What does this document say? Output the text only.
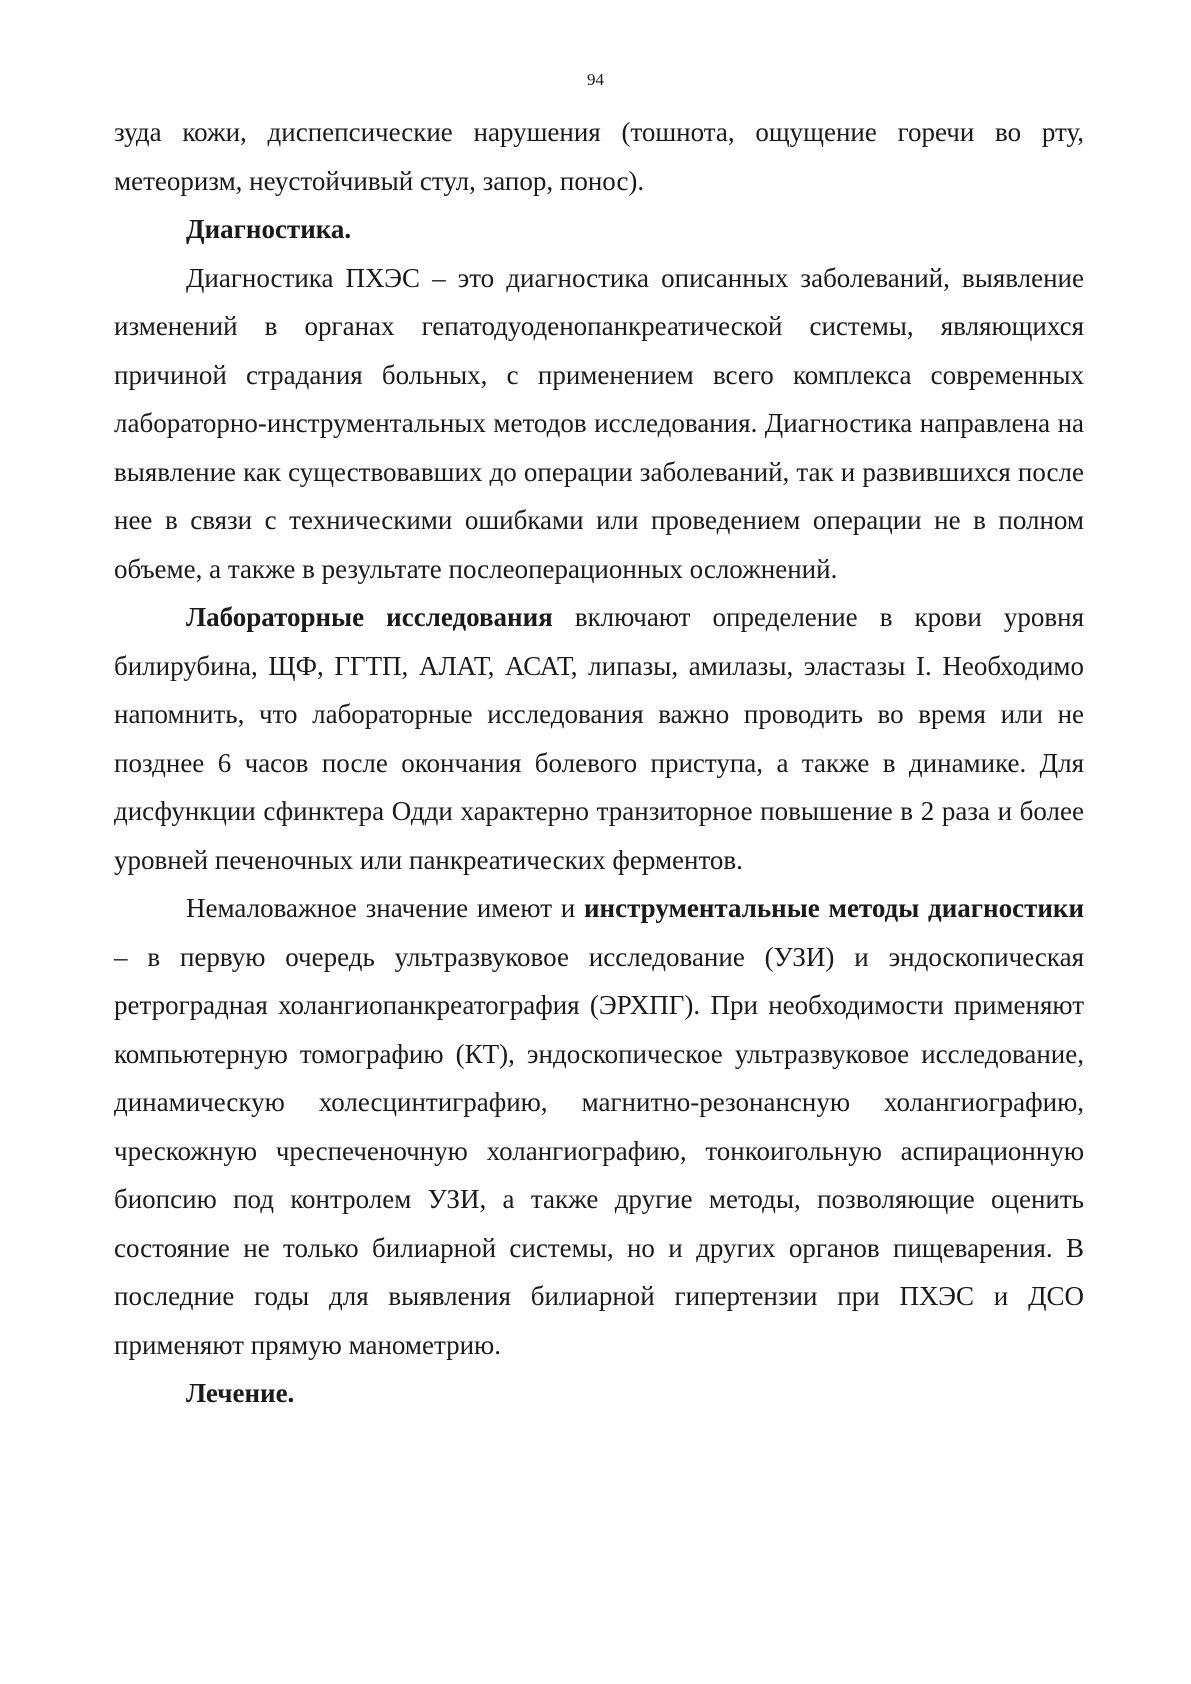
94

зуда кожи, диспепсические нарушения (тошнота, ощущение горечи во рту, метеоризм, неустойчивый стул, запор, понос).

Диагностика.

Диагностика ПХЭС – это диагностика описанных заболеваний, выявление изменений в органах гепатодуоденопанкреатической системы, являющихся причиной страдания больных, с применением всего комплекса современных лабораторно-инструментальных методов исследования. Диагностика направлена на выявление как существовавших до операции заболеваний, так и развившихся после нее в связи с техническими ошибками или проведением операции не в полном объеме, а также в результате послеоперационных осложнений.

Лабораторные исследования включают определение в крови уровня билирубина, ЩФ, ГГТП, АЛАТ, АСАТ, липазы, амилазы, эластазы I. Необходимо напомнить, что лабораторные исследования важно проводить во время или не позднее 6 часов после окончания болевого приступа, а также в динамике. Для дисфункции сфинктера Одди характерно транзиторное повышение в 2 раза и более уровней печеночных или панкреатических ферментов.

Немаловажное значение имеют и инструментальные методы диагностики – в первую очередь ультразвуковое исследование (УЗИ) и эндоскопическая ретроградная холангиопанкреатография (ЭРХПГ). При необходимости применяют компьютерную томографию (КТ), эндоскопическое ультразвуковое исследование, динамическую холесцинтиграфию, магнитно-резонансную холангиографию, чрескожную чреспеченочную холангиографию, тонкоигольную аспирационную биопсию под контролем УЗИ, а также другие методы, позволяющие оценить состояние не только билиарной системы, но и других органов пищеварения. В последние годы для выявления билиарной гипертензии при ПХЭС и ДСО применяют прямую манометрию.

Лечение.
